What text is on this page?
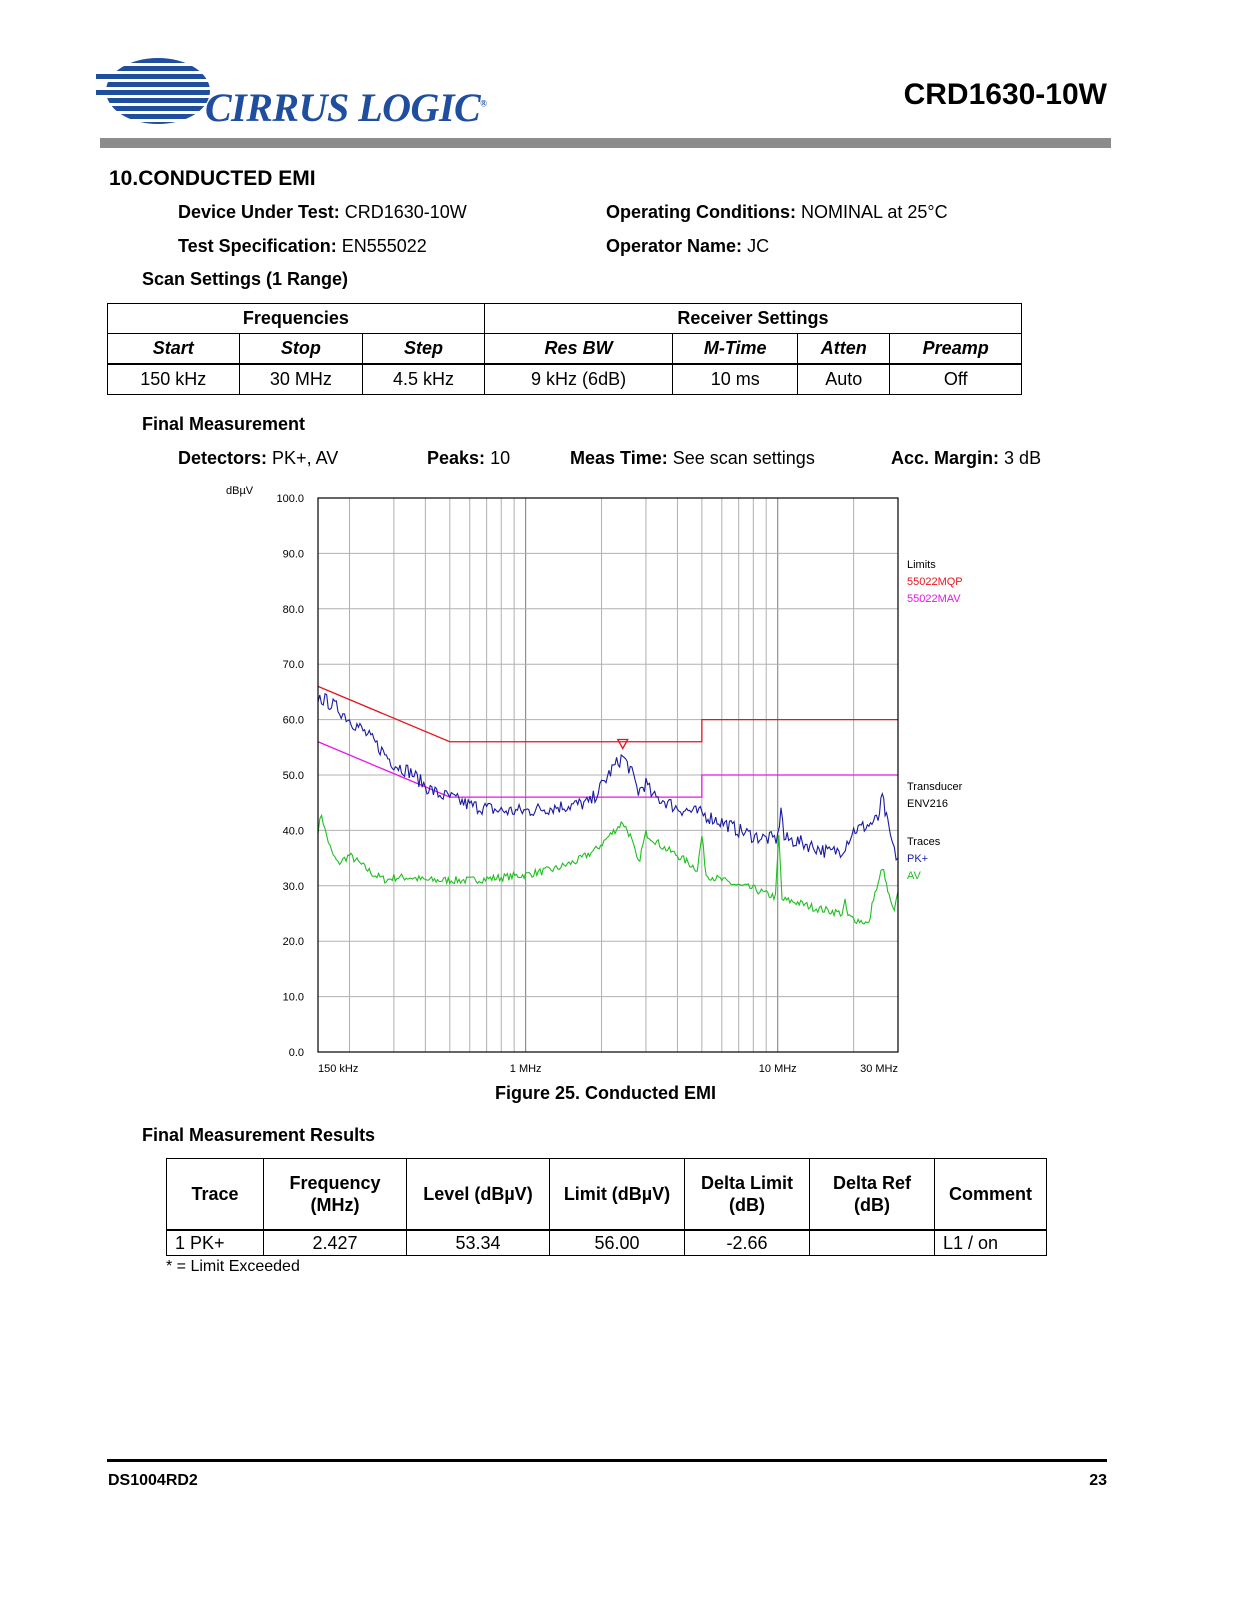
CIRRUS LOGIC®	CRD1630-10W
10.CONDUCTED EMI
Device Under Test: CRD1630-10W
Test Specification: EN555022
Operating Conditions: NOMINAL at 25°C
Operator Name: JC
Scan Settings (1 Range)
Frequencies			Receiver Settings			
Start	Stop	Step	Res BW	M-Time	Atten	Preamp
150 kHz	30 MHz	4.5 kHz	9 kHz (6dB)	10 ms	Auto	Off
Final Measurement
Detectors: PK+, AV	Peaks: 10	Meas Time: See scan settings	Acc. Margin: 3 dB
100.0
90.0
80.0
70.0
60.0
50.0
40.0
30.0
20.0
10.0
0.0
dBµV
150 kHz	1 MHz	10 MHz	30 MHz
Limits
55022MQP
55022MAV
Transducer
ENV216
Traces
PK+
AV
Figure 25. Conducted EMI
Final Measurement Results
Trace	Frequency (MHz)	Level (dBµV)	Limit (dBµV)	Delta Limit (dB)	Delta Ref (dB)	Comment
1 PK+	2.427	53.34	56.00	-2.66		L1 / on
* = Limit Exceeded
DS1004RD2	23
